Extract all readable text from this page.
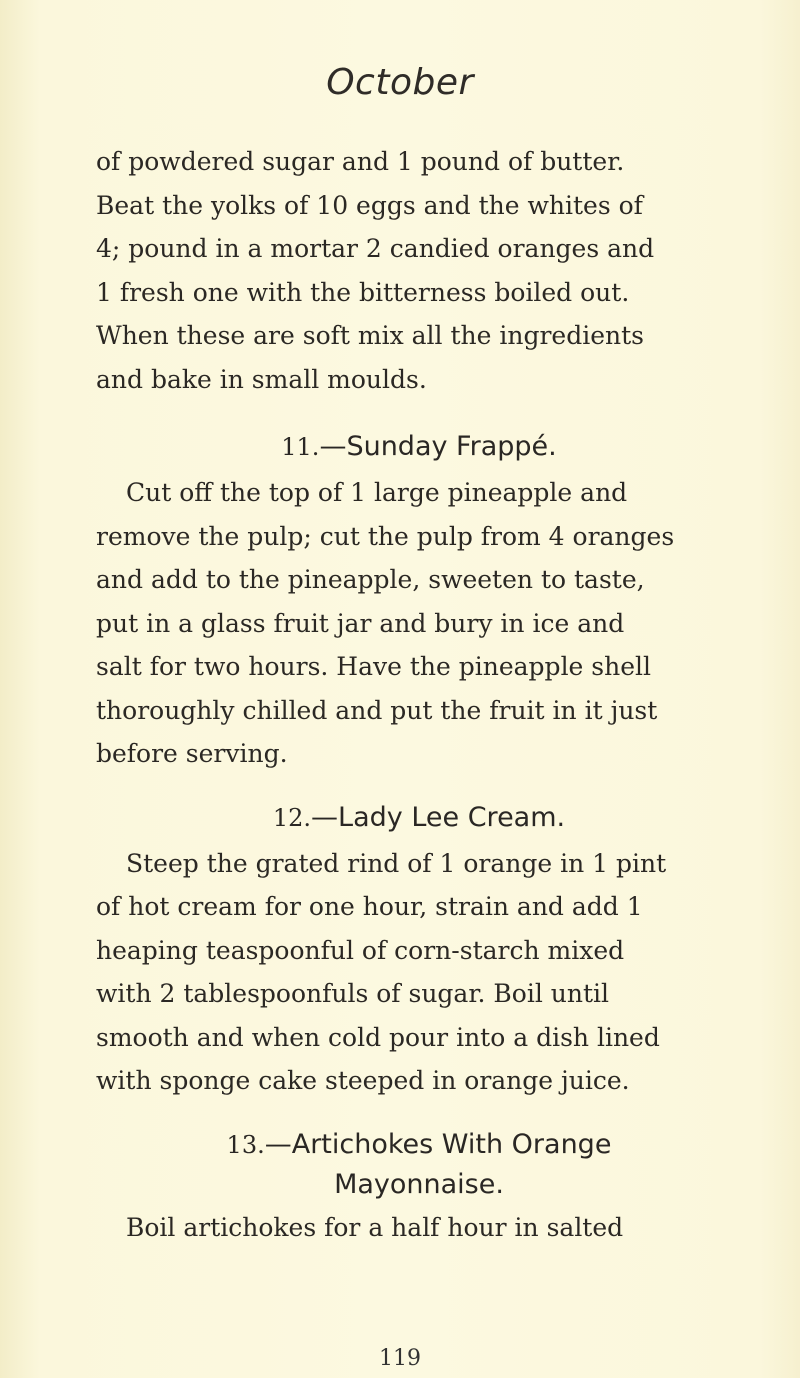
October

of powdered sugar and 1 pound of butter.
Beat the yolks of 10 eggs and the whites of
4; pound in a mortar 2 candied oranges and
1 fresh one with the bitterness boiled out.
When these are soft mix all the ingredients
and bake in small moulds.

11.—Sunday Frappé.

Cut off the top of 1 large pineapple and
remove the pulp; cut the pulp from 4 oranges
and add to the pineapple, sweeten to taste,
put in a glass fruit jar and bury in ice and
salt for two hours. Have the pineapple shell
thoroughly chilled and put the fruit in it just
before serving.

12.—Lady Lee Cream.

Steep the grated rind of 1 orange in 1 pint
of hot cream for one hour, strain and add 1
heaping teaspoonful of corn-starch mixed
with 2 tablespoonfuls of sugar. Boil until
smooth and when cold pour into a dish lined
with sponge cake steeped in orange juice.

13.—Artichokes With Orange
Mayonnaise.

Boil artichokes for a half hour in salted

119
